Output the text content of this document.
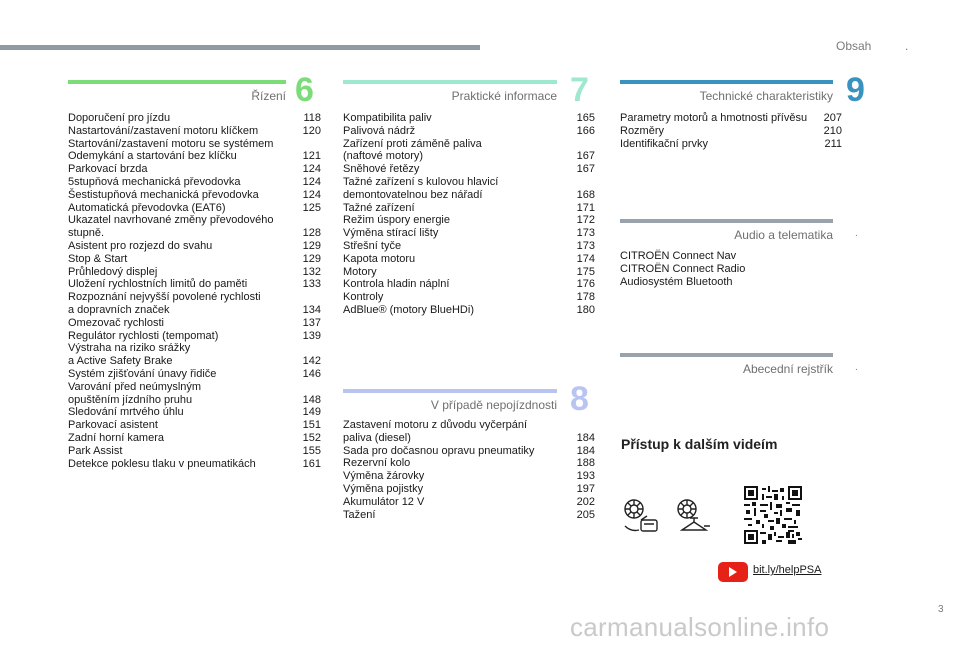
Obsah	.
Řízení 6
Doporučení pro jízdu	118
Nastartování/zastavení motoru klíčkem	120
Startování/zastavení motoru se systémem
Odemykání a startování bez klíčku	121
Parkovací brzda	124
5stupňová mechanická převodovka	124
Šestistupňová mechanická převodovka	124
Automatická převodovka (EAT6)	125
Ukazatel navrhované změny převodového
stupně.	128
Asistent pro rozjezd do svahu	129
Stop & Start	129
Průhledový displej	132
Uložení rychlostních limitů do paměti	133
Rozpoznání nejvyšší povolené rychlosti
a dopravních značek	134
Omezovač rychlosti	137
Regulátor rychlosti (tempomat)	139
Výstraha na riziko srážky
a Active Safety Brake	142
Systém zjišťování únavy řidiče	146
Varování před neúmyslným
opuštěním jízdního pruhu	148
Sledování mrtvého úhlu	149
Parkovací asistent	151
Zadní horní kamera	152
Park Assist	155
Detekce poklesu tlaku v pneumatikách	161
Praktické informace 7
Kompatibilita paliv	165
Palivová nádrž	166
Zařízení proti záměně paliva
(naftové motory)	167
Sněhové řetězy	167
Tažné zařízení s kulovou hlavicí
demontovatelnou bez nářadí	168
Tažné zařízení	171
Režim úspory energie	172
Výměna stírací lišty	173
Střešní tyče	173
Kapota motoru	174
Motory	175
Kontrola hladin náplní	176
Kontroly	178
AdBlue® (motory BlueHDi)	180
V případě nepojízdnosti 8
Zastavení motoru z důvodu vyčerpání
paliva (diesel)	184
Sada pro dočasnou opravu pneumatiky	184
Rezervní kolo	188
Výměna žárovky	193
Výměna pojistky	197
Akumulátor 12 V	202
Tažení	205
Technické charakteristiky 9
Parametry motorů a hmotnosti přívěsu 207
Rozměry	210
Identifikační prvky	211
Audio a telematika .
CITROËN Connect Nav
CITROËN Connect Radio
Audiosystém Bluetooth
Abecední rejstřík .
Přístup k dalším videím
bit.ly/helpPSA
3
carmanualsonline.info
